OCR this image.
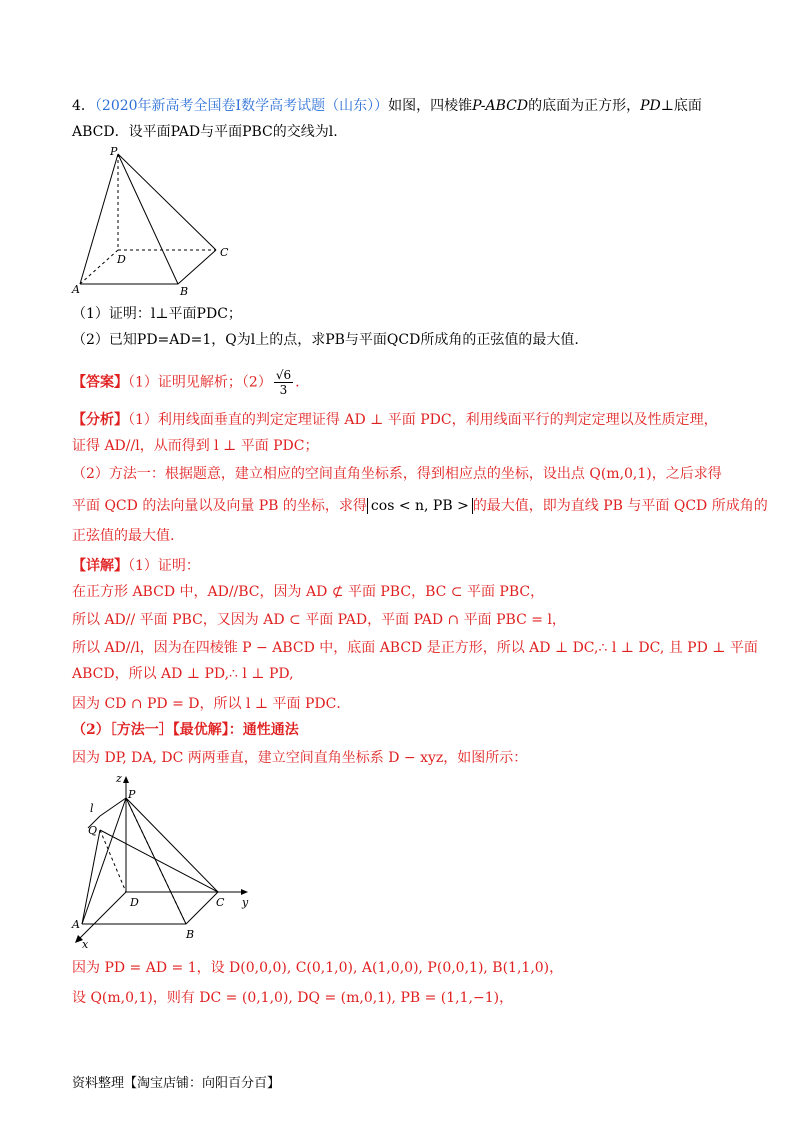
4．（2020年新高考全国卷Ⅰ数学高考试题（山东））如图，四棱锥P-ABCD的底面为正方形，PD⊥底面
ABCD．设平面PAD与平面PBC的交线为l.
P
D
C
A	B
（1）证明：l⊥平面PDC；
（2）已知PD=AD=1，Q为l上的点，求PB与平面QCD所成角的正弦值的最大值.
【答案】（1）证明见解析；（2）
√ $\frac{6}{3}$ .
【分析】（1）利用线面垂直的判定定理证得 AD ⊥ 平面 PDC，利用线面平行的判定定理以及性质定理，
证得 AD//l，从而得到 l ⊥ 平面 PDC；
（2）方法一：根据题意，建立相应的空间直角坐标系，得到相应点的坐标，设出点 Q(m,0,1)，之后求得
平面 QCD 的法向量以及向量 PB 的坐标，求得 cos < n, PB > 的最大值，即为直线 PB 与平面 QCD 所成角的
正弦值的最大值.
【详解】（1）证明：
在正方形 ABCD 中，AD//BC，因为 AD ⊄ 平面 PBC，BC ⊂ 平面 PBC，
所以 AD// 平面 PBC，又因为 AD ⊂ 平面 PAD，平面 PAD ∩ 平面 PBC = l，
所以 AD//l，因为在四棱锥 P − ABCD 中，底面 ABCD 是正方形，所以 AD ⊥ DC,∴ l ⊥ DC, 且 PD ⊥ 平面
ABCD，所以 AD ⊥ PD,∴ l ⊥ PD,
因为 CD ∩ PD = D，所以 l ⊥ 平面 PDC．
（2）［方法一］【最优解】：通性通法
因为 DP, DA, DC 两两垂直，建立空间直角坐标系 D − xyz，如图所示：
z
P
l
Q
D	C y
A
B
x
因为 PD = AD = 1，设 D(0,0,0), C(0,1,0), A(1,0,0), P(0,0,1), B(1,1,0)，
设 Q(m,0,1)，则有 DC = (0,1,0), DQ = (m,0,1), PB = (1,1,−1)，
资料整理【淘宝店铺：向阳百分百】
